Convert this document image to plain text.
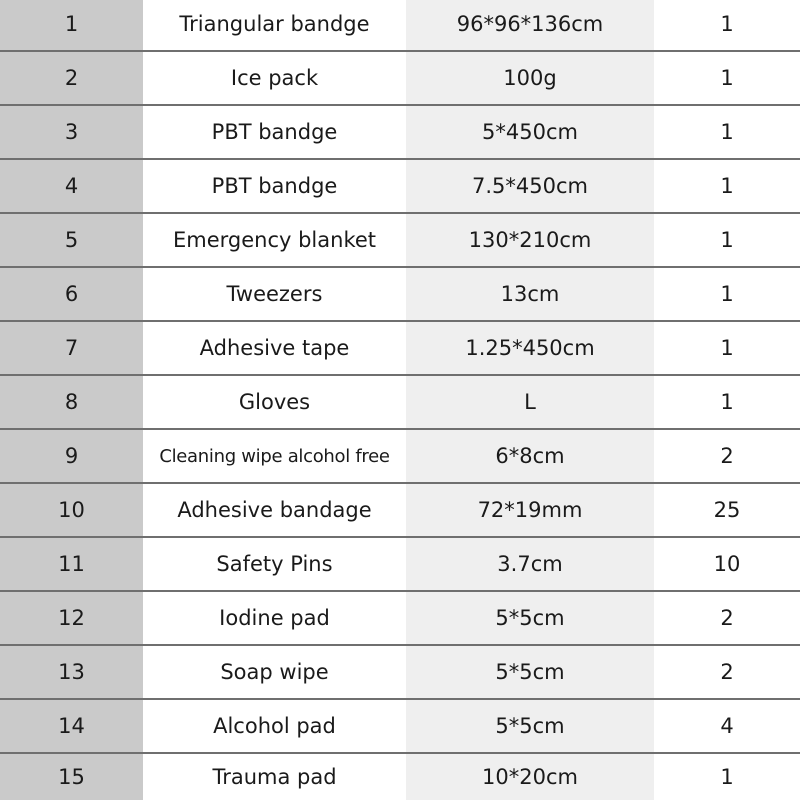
1	Triangular bandge	96*96*136cm	1
2	Ice pack	100g	1
3	PBT bandge	5*450cm	1
4	PBT bandge	7.5*450cm	1
5	Emergency blanket	130*210cm	1
6	Tweezers	13cm	1
7	Adhesive tape	1.25*450cm	1
8	Gloves	L	1
9	Cleaning wipe alcohol free	6*8cm	2
10	Adhesive bandage	72*19mm	25
11	Safety Pins	3.7cm	10
12	Iodine pad	5*5cm	2
13	Soap wipe	5*5cm	2
14	Alcohol pad	5*5cm	4
15	Trauma pad	10*20cm	1
